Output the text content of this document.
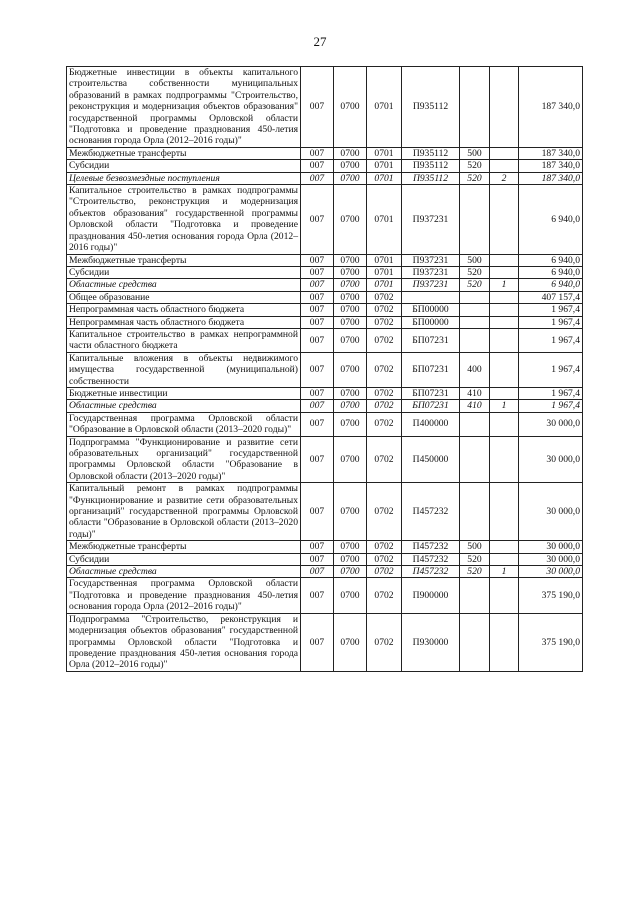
27
Бюджетные инвестиции в объекты капитального строительства собственности муниципальных образований в рамках подпрограммы "Строительство, реконструкция и модернизация объектов образования" государственной программы Орловской области "Подготовка и проведение празднования 450-летия основания города Орла (2012–2016 годы)"	007	0700	0701	П935112			187 340,0
Межбюджетные трансферты	007	0700	0701	П935112	500		187 340,0
Субсидии	007	0700	0701	П935112	520		187 340,0
Целевые безвозмездные поступления	007	0700	0701	П935112	520	2	187 340,0
Капитальное строительство в рамках подпрограммы "Строительство, реконструкция и модернизация объектов образования" государственной программы Орловской области "Подготовка и проведение празднования 450-летия основания города Орла (2012–2016 годы)"	007	0700	0701	П937231			6 940,0
Межбюджетные трансферты	007	0700	0701	П937231	500		6 940,0
Субсидии	007	0700	0701	П937231	520		6 940,0
Областные средства	007	0700	0701	П937231	520	1	6 940,0
Общее образование	007	0700	0702				407 157,4
Непрограммная часть областного бюджета	007	0700	0702	БП00000			1 967,4
Непрограммная часть областного бюджета	007	0700	0702	БП00000			1 967,4
Капитальное строительство в рамках непрограммной части областного бюджета	007	0700	0702	БП07231			1 967,4
Капитальные вложения в объекты недвижимого имущества государственной (муниципальной) собственности	007	0700	0702	БП07231	400		1 967,4
Бюджетные инвестиции	007	0700	0702	БП07231	410		1 967,4
Областные средства	007	0700	0702	БП07231	410	1	1 967,4
Государственная программа Орловской области "Образование в Орловской области (2013–2020 годы)"	007	0700	0702	П400000			30 000,0
Подпрограмма "Функционирование и развитие сети образовательных организаций" государственной программы Орловской области "Образование в Орловской области (2013–2020 годы)"	007	0700	0702	П450000			30 000,0
Капитальный ремонт в рамках подпрограммы "Функционирование и развитие сети образовательных организаций" государственной программы Орловской области "Образование в Орловской области (2013–2020 годы)"	007	0700	0702	П457232			30 000,0
Межбюджетные трансферты	007	0700	0702	П457232	500		30 000,0
Субсидии	007	0700	0702	П457232	520		30 000,0
Областные средства	007	0700	0702	П457232	520	1	30 000,0
Государственная программа Орловской области "Подготовка и проведение празднования 450-летия основания города Орла (2012–2016 годы)"	007	0700	0702	П900000			375 190,0
Подпрограмма "Строительство, реконструкция и модернизация объектов образования" государственной программы Орловской области "Подготовка и проведение празднования 450-летия основания города Орла (2012–2016 годы)"	007	0700	0702	П930000			375 190,0
